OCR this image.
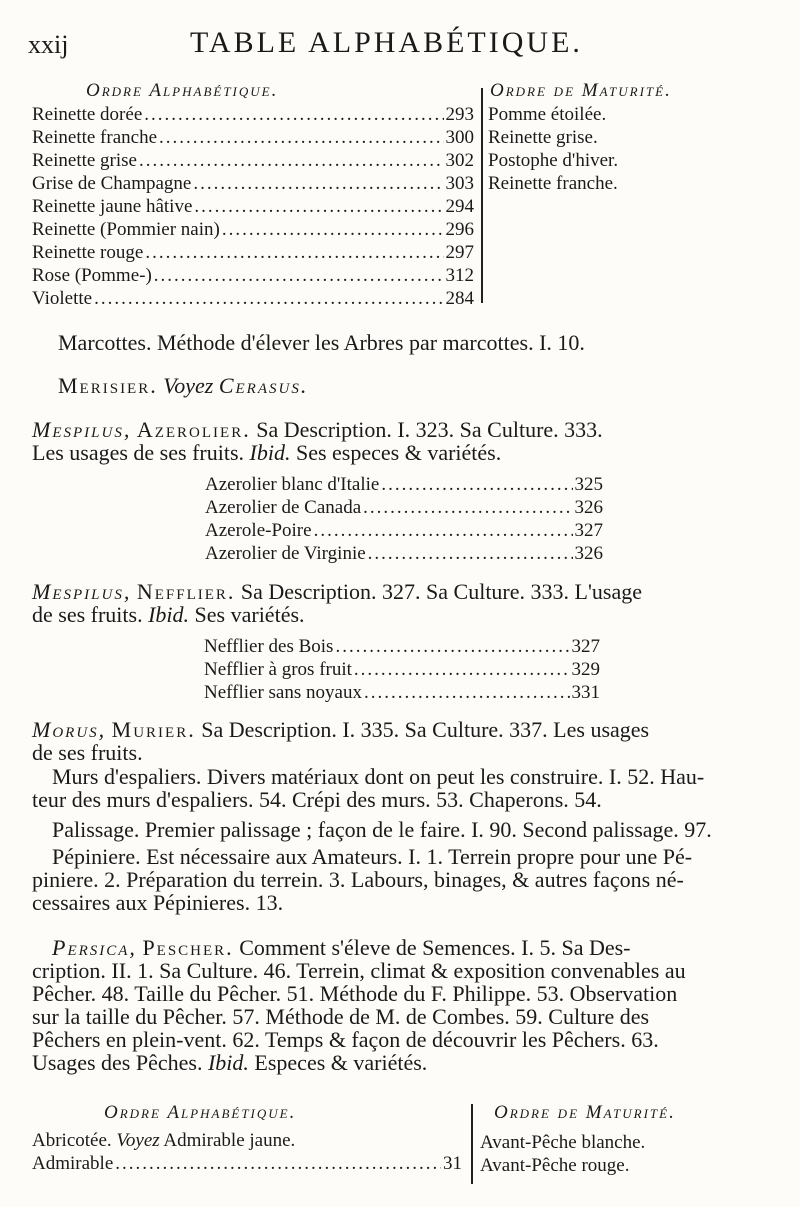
xxij	TABLE ALPHABÉTIQUE.
Ordre Alphabétique.	Ordre de Maturité.
Reinette dorée .....	293
Reinette franche .....	300
Reinette grise .....	302
Grise de Champagne .....	303
Reinette jaune hâtive .....	294
Reinette (Pommier nain) .....	296
Reinette rouge .....	297
Rose (Pomme-) .....	312
Violette .....	284
Pomme étoilée.
Reinette grise.
Postophe d'hiver.
Reinette franche.
Marcottes. Méthode d'élever les Arbres par marcottes. I. 10.
Merisier. Voyez Cerasus.

Mespilus, Azerolier. Sa Description. I. 323. Sa Culture. 333.

Les usages de ses fruits. Ibid. Ses especes & variétés.

Azerolier blanc d'Italie .....	325
Azerolier de Canada .....	326
Azerole-Poire .....	327
Azerolier de Virginie .....	326

Mespilus, Nefflier. Sa Description. 327. Sa Culture. 333. L'usage

de ses fruits. Ibid. Ses variétés.

Nefflier des Bois .....	327
Nefflier à gros fruit .....	329
Nefflier sans noyaux .....	331

Morus, Murier. Sa Description. I. 335. Sa Culture. 337. Les usages

de ses fruits.

Murs d'espaliers. Divers matériaux dont on peut les construire. I. 52. Hau-

teur des murs d'espaliers. 54. Crépi des murs. 53. Chaperons. 54.

Palissage. Premier palissage ; façon de le faire. I. 90. Second palissage. 97.

Pépiniere. Est nécessaire aux Amateurs. I. 1. Terrein propre pour une Pé-

piniere. 2. Préparation du terrein. 3. Labours, binages, & autres façons né-

cessaires aux Pépinieres. 13.

Persica, Pescher. Comment s'éleve de Semences. I. 5. Sa Des-

cription. II. 1. Sa Culture. 46. Terrein, climat & exposition convenables au

Pêcher. 48. Taille du Pêcher. 51. Méthode du F. Philippe. 53. Observation

sur la taille du Pêcher. 57. Méthode de M. de Combes. 59. Culture des

Pêchers en plein-vent. 62. Temps & façon de découvrir les Pêchers. 63.

Usages des Pêches. Ibid. Especes & variétés.

Ordre Alphabétique.	Ordre de Maturité.
Abricotée. Voyez Admirable jaune.
Admirable .....	31
Avant-Pêche blanche.
Avant-Pêche rouge.
